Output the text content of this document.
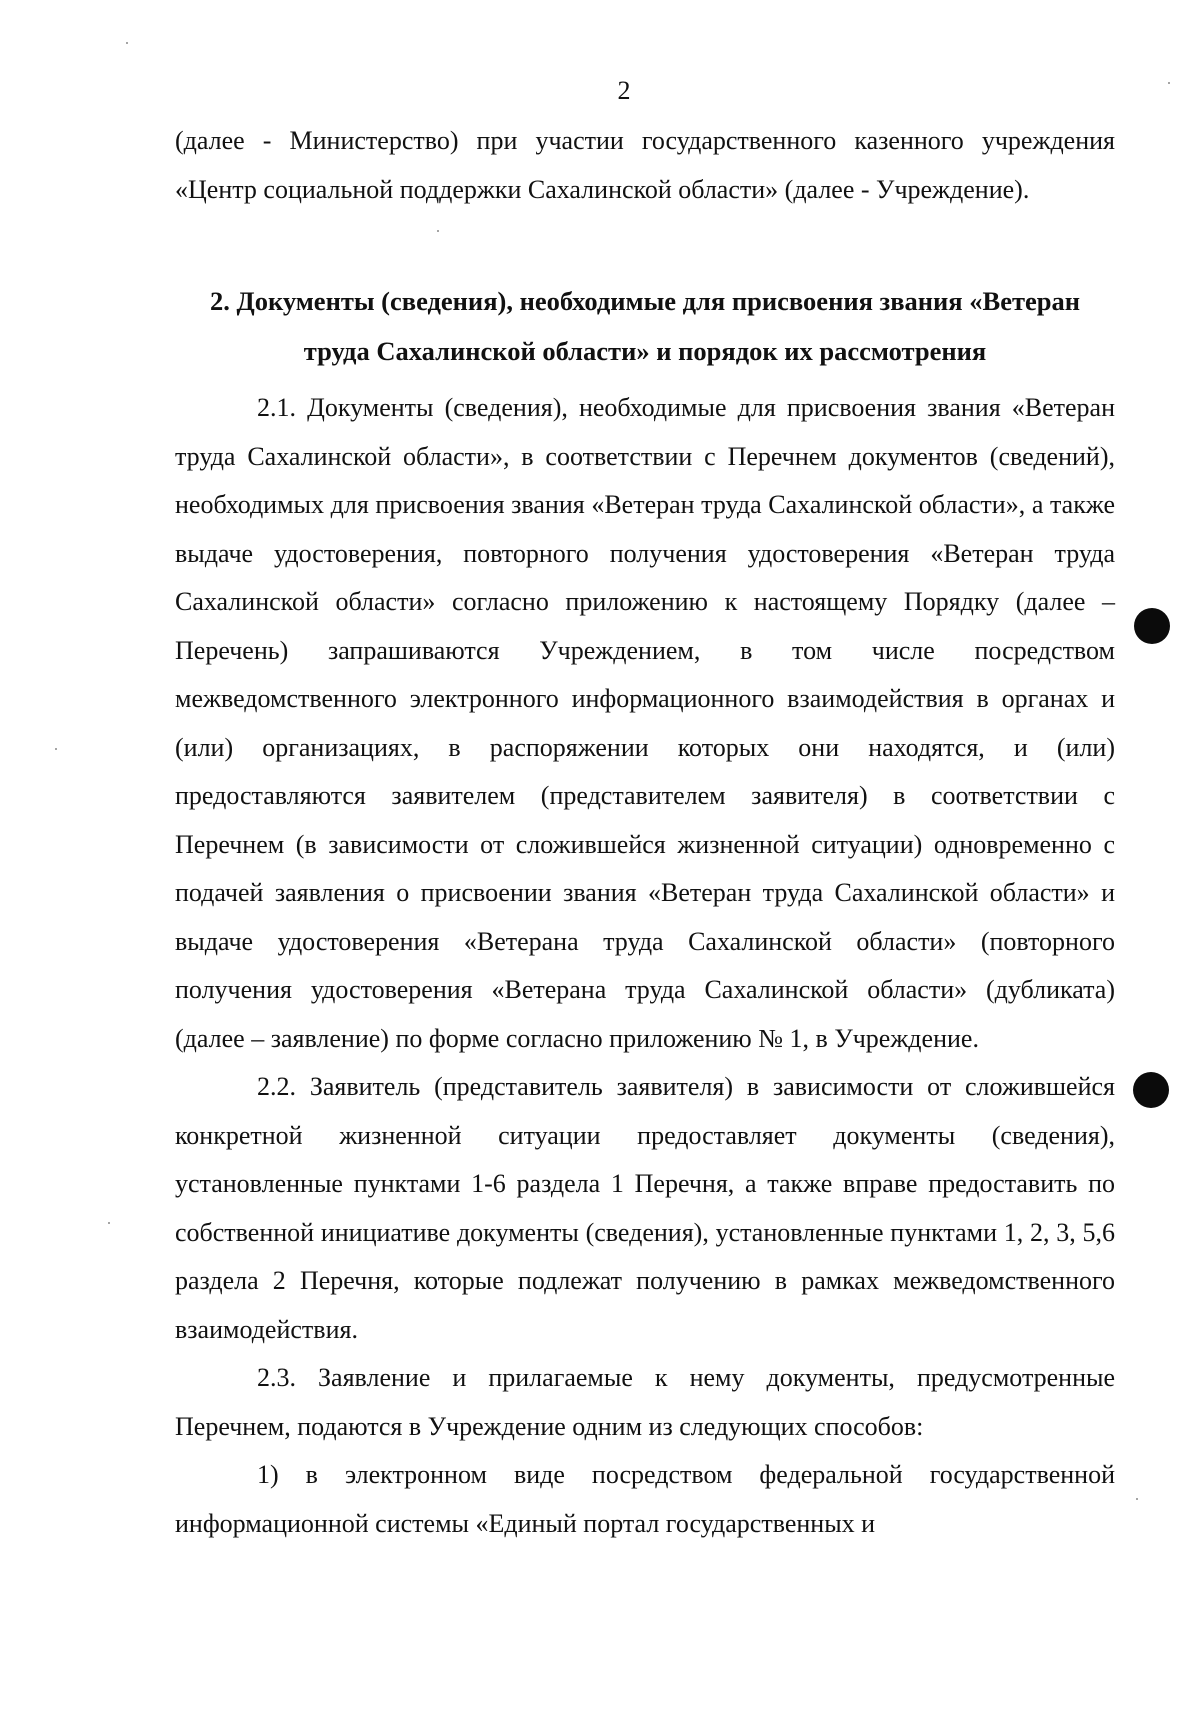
2
(далее - Министерство) при участии государственного казенного учреждения «Центр социальной поддержки Сахалинской области» (далее - Учреждение).
2. Документы (сведения), необходимые для присвоения звания «Ветеран труда Сахалинской области» и порядок их рассмотрения

2.1. Документы (сведения), необходимые для присвоения звания «Ветеран труда Сахалинской области», в соответствии с Перечнем документов (сведений), необходимых для присвоения звания «Ветеран труда Сахалинской области», а также выдаче удостоверения, повторного получения удостоверения «Ветеран труда Сахалинской области» согласно приложению к настоящему Порядку (далее – Перечень) запрашиваются Учреждением, в том числе посредством межведомственного электронного информационного взаимодействия в органах и (или) организациях, в распоряжении которых они находятся, и (или) предоставляются заявителем (представителем заявителя) в соответствии с Перечнем (в зависимости от сложившейся жизненной ситуации) одновременно с подачей заявления о присвоении звания «Ветеран труда Сахалинской области» и выдаче удостоверения «Ветерана труда Сахалинской области» (повторного получения удостоверения «Ветерана труда Сахалинской области» (дубликата) (далее – заявление) по форме согласно приложению № 1, в Учреждение.

2.2. Заявитель (представитель заявителя) в зависимости от сложившейся конкретной жизненной ситуации предоставляет документы (сведения), установленные пунктами 1-6 раздела 1 Перечня, а также вправе предоставить по собственной инициативе документы (сведения), установленные пунктами 1, 2, 3, 5,6 раздела 2 Перечня, которые подлежат получению в рамках межведомственного взаимодействия.

2.3. Заявление и прилагаемые к нему документы, предусмотренные Перечнем, подаются в Учреждение одним из следующих способов:

1) в электронном виде посредством федеральной государственной информационной системы «Единый портал государственных и
